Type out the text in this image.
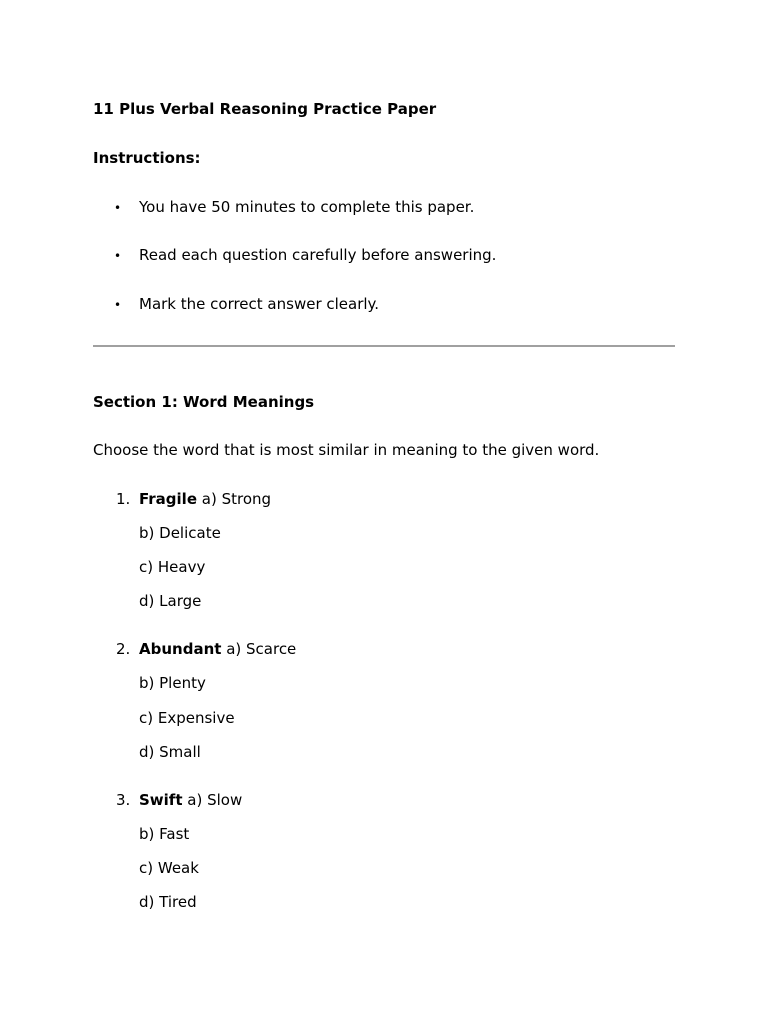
11 Plus Verbal Reasoning Practice Paper
Instructions:
• You have 50 minutes to complete this paper.
• Read each question carefully before answering.
• Mark the correct answer clearly.
Section 1: Word Meanings
Choose the word that is most similar in meaning to the given word.
1. Fragile a) Strong
b) Delicate
c) Heavy
d) Large
2. Abundant a) Scarce
b) Plenty
c) Expensive
d) Small
3. Swift a) Slow
b) Fast
c) Weak
d) Tired
